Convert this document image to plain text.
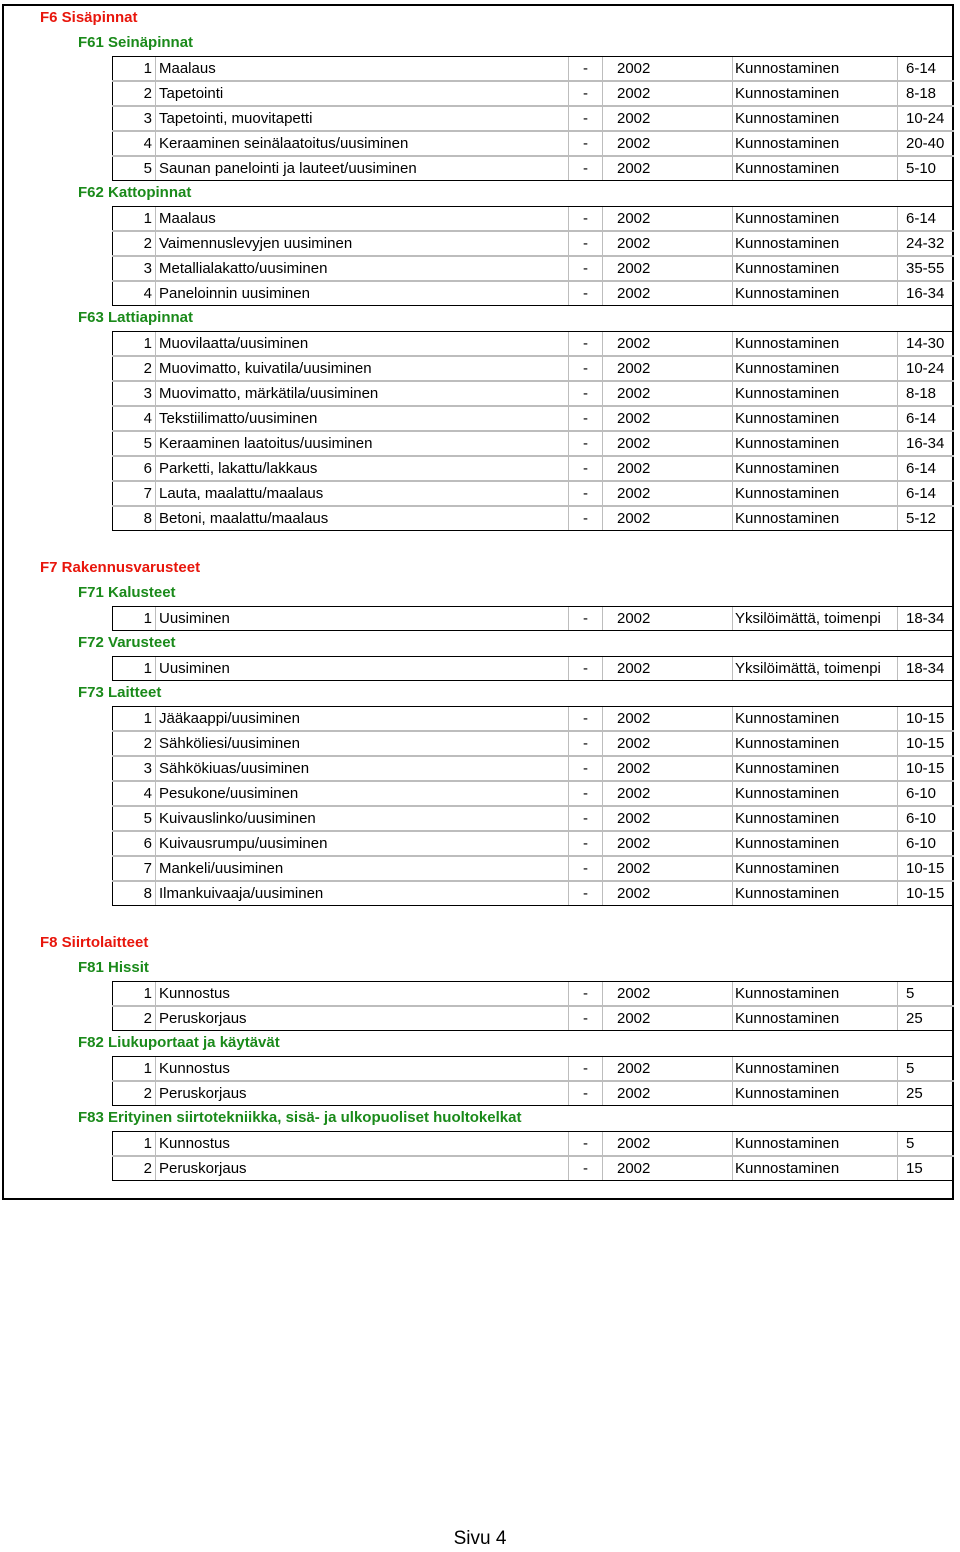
F6 Sisäpinnat
F61 Seinäpinnat
1 Maalaus	-	2002	Kunnostaminen	6-14
2 Tapetointi	-	2002	Kunnostaminen	8-18
3 Tapetointi, muovitapetti	-	2002	Kunnostaminen	10-24
4 Keraaminen seinälaatoitus/uusiminen	-	2002	Kunnostaminen	20-40
5 Saunan panelointi ja lauteet/uusiminen	-	2002	Kunnostaminen	5-10
F62 Kattopinnat
1 Maalaus	-	2002	Kunnostaminen	6-14
2 Vaimennuslevyjen uusiminen	-	2002	Kunnostaminen	24-32
3 Metallialakatto/uusiminen	-	2002	Kunnostaminen	35-55
4 Paneloinnin uusiminen	-	2002	Kunnostaminen	16-34
F63 Lattiapinnat
1 Muovilaatta/uusiminen	-	2002	Kunnostaminen	14-30
2 Muovimatto, kuivatila/uusiminen	-	2002	Kunnostaminen	10-24
3 Muovimatto, märkätila/uusiminen	-	2002	Kunnostaminen	8-18
4 Tekstiilimatto/uusiminen	-	2002	Kunnostaminen	6-14
5 Keraaminen laatoitus/uusiminen	-	2002	Kunnostaminen	16-34
6 Parketti, lakattu/lakkaus	-	2002	Kunnostaminen	6-14
7 Lauta, maalattu/maalaus	-	2002	Kunnostaminen	6-14
8 Betoni, maalattu/maalaus	-	2002	Kunnostaminen	5-12
F7 Rakennusvarusteet
F71 Kalusteet
1 Uusiminen	-	2002	Yksilöimättä, toimenpi	18-34
F72 Varusteet
1 Uusiminen	-	2002	Yksilöimättä, toimenpi	18-34
F73 Laitteet
1 Jääkaappi/uusiminen	-	2002	Kunnostaminen	10-15
2 Sähköliesi/uusiminen	-	2002	Kunnostaminen	10-15
3 Sähkökiuas/uusiminen	-	2002	Kunnostaminen	10-15
4 Pesukone/uusiminen	-	2002	Kunnostaminen	6-10
5 Kuivauslinko/uusiminen	-	2002	Kunnostaminen	6-10
6 Kuivausrumpu/uusiminen	-	2002	Kunnostaminen	6-10
7 Mankeli/uusiminen	-	2002	Kunnostaminen	10-15
8 Ilmankuivaaja/uusiminen	-	2002	Kunnostaminen	10-15
F8 Siirtolaitteet
F81 Hissit
1 Kunnostus	-	2002	Kunnostaminen	5
2 Peruskorjaus	-	2002	Kunnostaminen	25
F82 Liukuportaat ja käytävät
1 Kunnostus	-	2002	Kunnostaminen	5
2 Peruskorjaus	-	2002	Kunnostaminen	25
F83 Erityinen siirtotekniikka, sisä- ja ulkopuoliset huoltokelkat
1 Kunnostus	-	2002	Kunnostaminen	5
2 Peruskorjaus	-	2002	Kunnostaminen	15
Sivu 4
